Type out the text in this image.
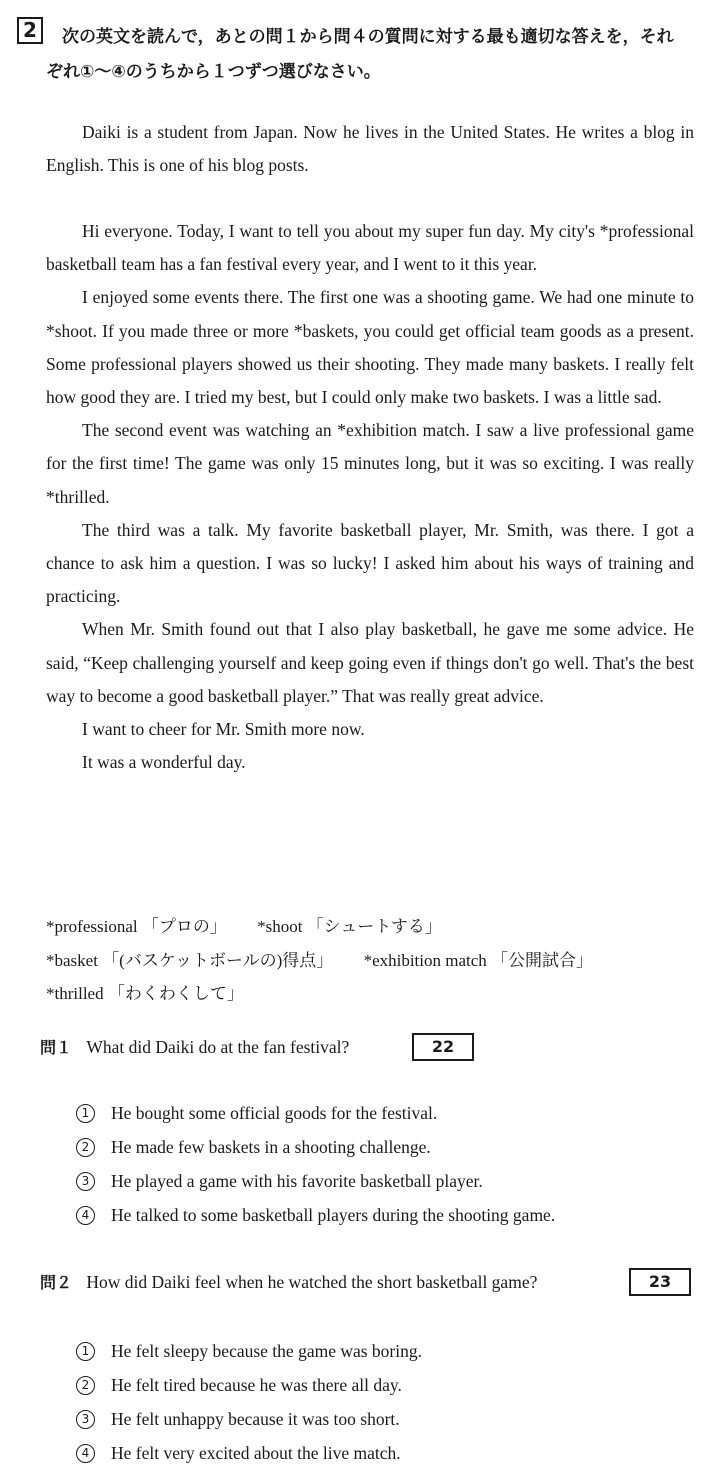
2	次の英文を読んで，あとの問１から問４の質問に対する最も適切な答えを，それ
ぞれ①〜④のうちから１つずつ選びなさい。

Daiki is a student from Japan. Now he lives in the United States. He writes a blog in English. This is one of his blog posts.

Hi everyone. Today, I want to tell you about my super fun day. My city's *professional basketball team has a fan festival every year, and I went to it this year.

I enjoyed some events there. The first one was a shooting game. We had one minute to *shoot. If you made three or more *baskets, you could get official team goods as a present. Some professional players showed us their shooting. They made many baskets. I really felt how good they are. I tried my best, but I could only make two baskets. I was a little sad.

The second event was watching an *exhibition match. I saw a live professional game for the first time! The game was only 15 minutes long, but it was so exciting. I was really *thrilled.

The third was a talk. My favorite basketball player, Mr. Smith, was there. I got a chance to ask him a question. I was so lucky! I asked him about his ways of training and practicing.

When Mr. Smith found out that I also play basketball, he gave me some advice. He said, “Keep challenging yourself and keep going even if things don't go well. That's the best way to become a good basketball player.” That was really great advice.

I want to cheer for Mr. Smith more now.

It was a wonderful day.

*professional 「プロの」 *shoot 「シュートする」
*basket 「(バスケットボールの)得点」 *exhibition match 「公開試合」
*thrilled 「わくわくして」
問１ What did Daiki do at the fan festival?	22
1	He bought some official goods for the festival.
2	He made few baskets in a shooting challenge.
3	He played a game with his favorite basketball player.
4	He talked to some basketball players during the shooting game.
問２ How did Daiki feel when he watched the short basketball game?	23
1	He felt sleepy because the game was boring.
2	He felt tired because he was there all day.
3	He felt unhappy because it was too short.
4	He felt very excited about the live match.
